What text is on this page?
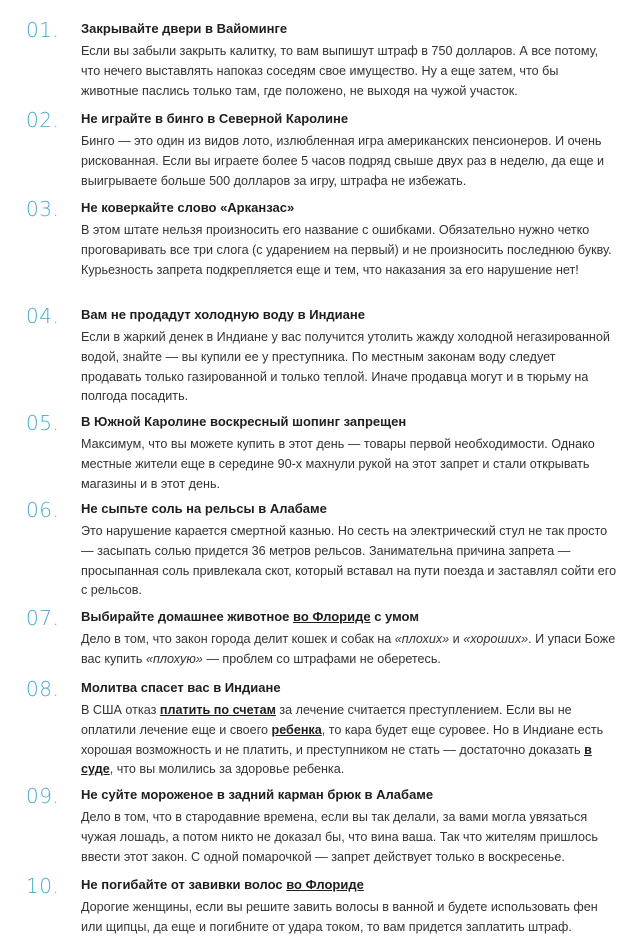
01. Закрывайте двери в Вайоминге
Если вы забыли закрыть калитку, то вам выпишут штраф в 750 долларов. А все потому, что нечего выставлять напоказ соседям свое имущество. Ну а еще затем, что бы животные паслись только там, где положено, не выходя на чужой участок.
02. Не играйте в бинго в Северной Каролине
Бинго — это один из видов лото, излюбленная игра американских пенсионеров. И очень рискованная. Если вы играете более 5 часов подряд свыше двух раз в неделю, да еще и выигрываете больше 500 долларов за игру, штрафа не избежать.
03. Не коверкайте слово «Арканзас»
В этом штате нельзя произносить его название с ошибками. Обязательно нужно четко проговаривать все три слога (с ударением на первый) и не произносить последнюю букву. Курьезность запрета подкрепляется еще и тем, что наказания за его нарушение нет!
04. Вам не продадут холодную воду в Индиане
Если в жаркий денек в Индиане у вас получится утолить жажду холодной негазированной водой, знайте — вы купили ее у преступника. По местным законам воду следует продавать только газированной и только теплой. Иначе продавца могут и в тюрьму на полгода посадить.
05. В Южной Каролине воскресный шопинг запрещен
Максимум, что вы можете купить в этот день — товары первой необходимости. Однако местные жители еще в середине 90-х махнули рукой на этот запрет и стали открывать магазины и в этот день.
06. Не сыпьте соль на рельсы в Алабаме
Это нарушение карается смертной казнью. Но сесть на электрический стул не так просто — засыпать солью придется 36 метров рельсов. Занимательна причина запрета — просыпанная соль привлекала скот, который вставал на пути поезда и заставлял сойти его с рельсов.
07. Выбирайте домашнее животное во Флориде с умом
Дело в том, что закон города делит кошек и собак на «плохих» и «хороших». И упаси Боже вас купить «плохую» — проблем со штрафами не оберетесь.
08. Молитва спасет вас в Индиане
В США отказ платить по счетам за лечение считается преступлением. Если вы не оплатили лечение еще и своего ребенка, то кара будет еще суровее. Но в Индиане есть хорошая возможность и не платить, и преступником не стать — достаточно доказать в суде, что вы молились за здоровье ребенка.
09. Не суйте мороженое в задний карман брюк в Алабаме
Дело в том, что в стародавние времена, если вы так делали, за вами могла увязаться чужая лошадь, а потом никто не доказал бы, что вина ваша. Так что жителям пришлось ввести этот закон. С одной помарочкой — запрет действует только в воскресенье.
10. Не погибайте от завивки волос во Флориде
Дорогие женщины, если вы решите завить волосы в ванной и будете использовать фен или щипцы, да еще и погибните от удара током, то вам придется заплатить штраф.
